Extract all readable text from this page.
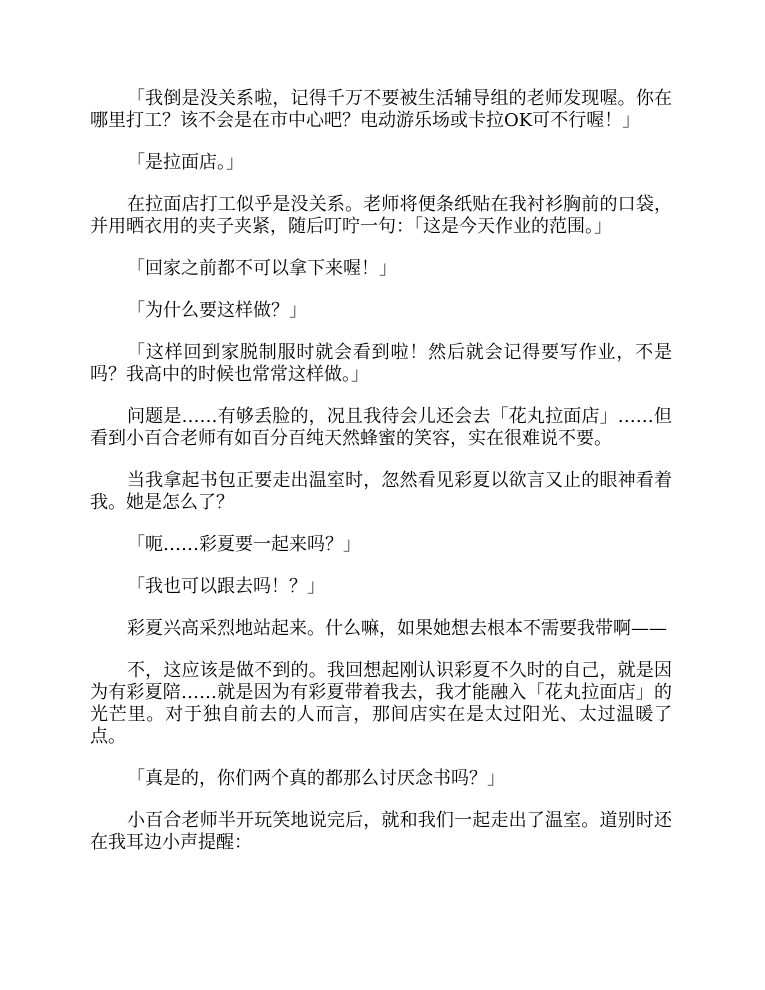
「我倒是没关系啦，记得千万不要被生活辅导组的老师发现喔。你在哪里打工？该不会是在市中心吧？电动游乐场或卡拉OK可不行喔！」

「是拉面店。」

在拉面店打工似乎是没关系。老师将便条纸贴在我衬衫胸前的口袋，并用晒衣用的夹子夹紧，随后叮咛一句：「这是今天作业的范围。」

「回家之前都不可以拿下来喔！」

「为什么要这样做？」

「这样回到家脱制服时就会看到啦！然后就会记得要写作业，不是吗？我高中的时候也常常这样做。」

问题是……有够丢脸的，况且我待会儿还会去「花丸拉面店」……但看到小百合老师有如百分百纯天然蜂蜜的笑容，实在很难说不要。

当我拿起书包正要走出温室时，忽然看见彩夏以欲言又止的眼神看着我。她是怎么了？

「呃……彩夏要一起来吗？」

「我也可以跟去吗！？」

彩夏兴高采烈地站起来。什么嘛，如果她想去根本不需要我带啊——

不，这应该是做不到的。我回想起刚认识彩夏不久时的自己，就是因为有彩夏陪……就是因为有彩夏带着我去，我才能融入「花丸拉面店」的光芒里。对于独自前去的人而言，那间店实在是太过阳光、太过温暖了点。

「真是的，你们两个真的都那么讨厌念书吗？」

小百合老师半开玩笑地说完后，就和我们一起走出了温室。道别时还在我耳边小声提醒：
